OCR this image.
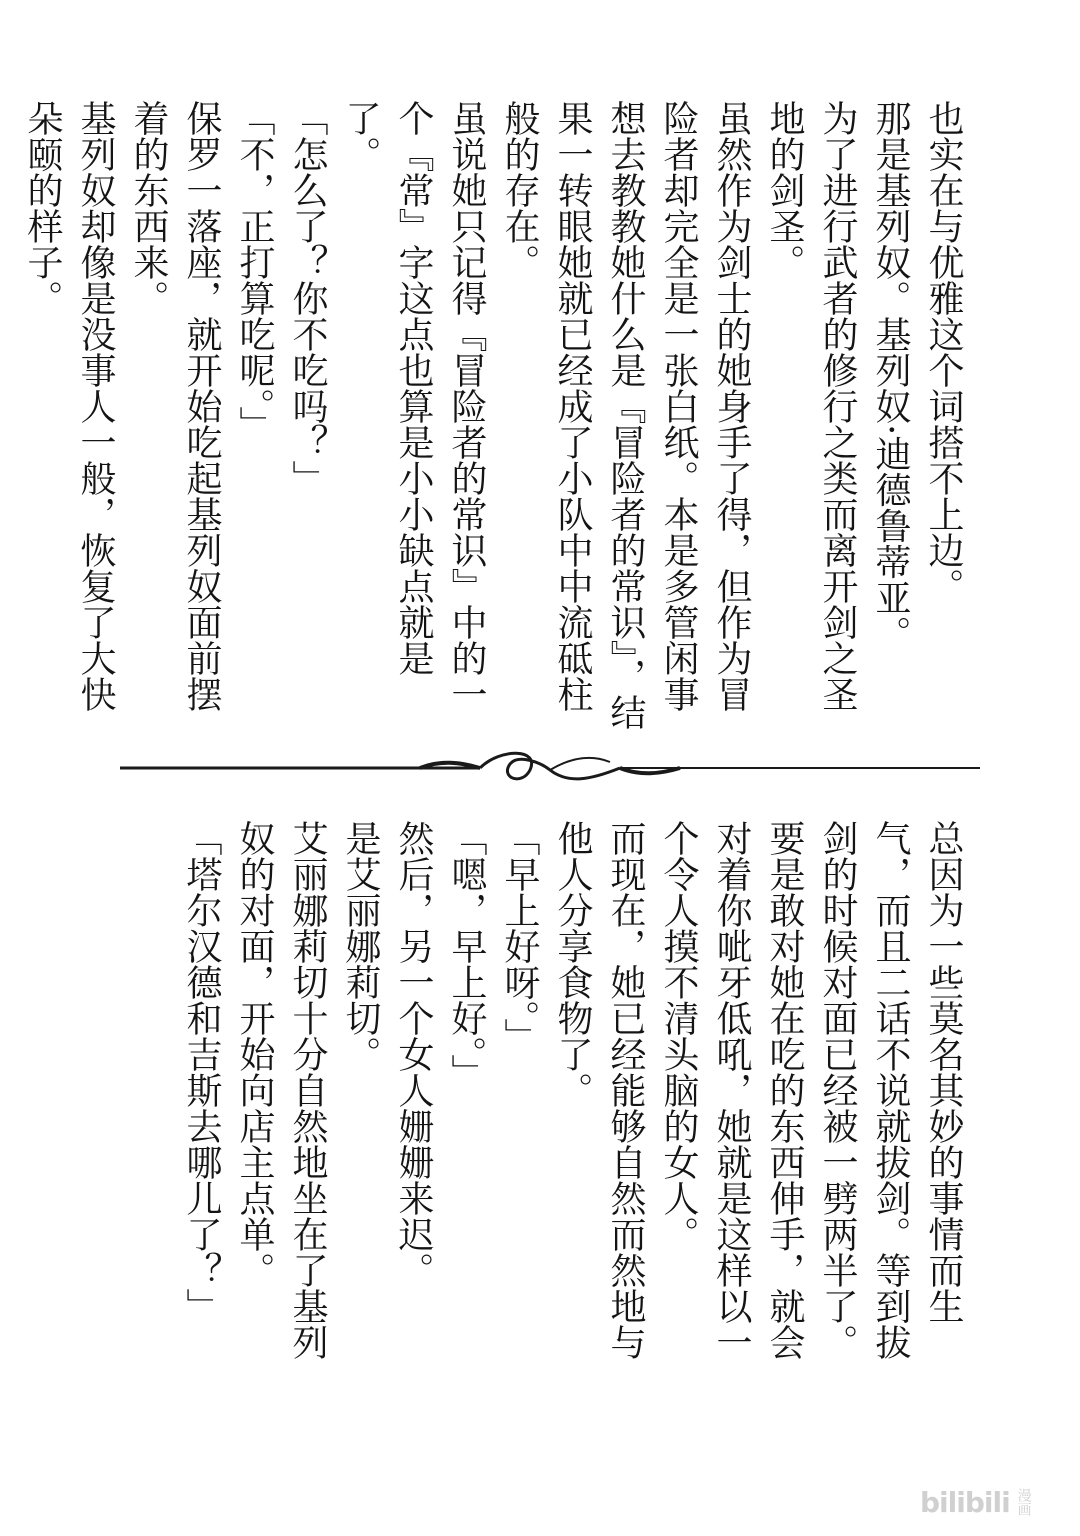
也实在与优雅这个词搭不上边。

那是基列奴。基列奴·迪德鲁蒂亚。

为了进行武者的修行之类而离开剑之圣地的剑圣。

虽然作为剑士的她身手了得，但作为冒险者却完全是一张白纸。本是多管闲事想去教教她什么是『冒险者的常识』，结果一转眼她就已经成了小队中中流砥柱般的存在。

虽说她只记得『冒险者的常识』中的一个『常』字这点也算是小小缺点就是了。

「怎么了？你不吃吗？」

「不，正打算吃呢。」

保罗一落座，就开始吃起基列奴面前摆着的东西来。

基列奴却像是没事人一般，恢复了大快朵颐的样子。

总因为一些莫名其妙的事情而生气，而且二话不说就拔剑。等到拔剑的时候对面已经被一劈两半了。

要是敢对她在吃的东西伸手，就会对着你呲牙低吼，她就是这样以一个令人摸不清头脑的女人。

而现在，她已经能够自然而然地与他人分享食物了。

「早上好呀。」

「嗯，早上好。」

然后，另一个女人姗姗来迟。

是艾丽娜莉切。

艾丽娜莉切十分自然地坐在了基列奴的对面，开始向店主点单。

「塔尔汉德和吉斯去哪儿了？」

bilibili 漫画
